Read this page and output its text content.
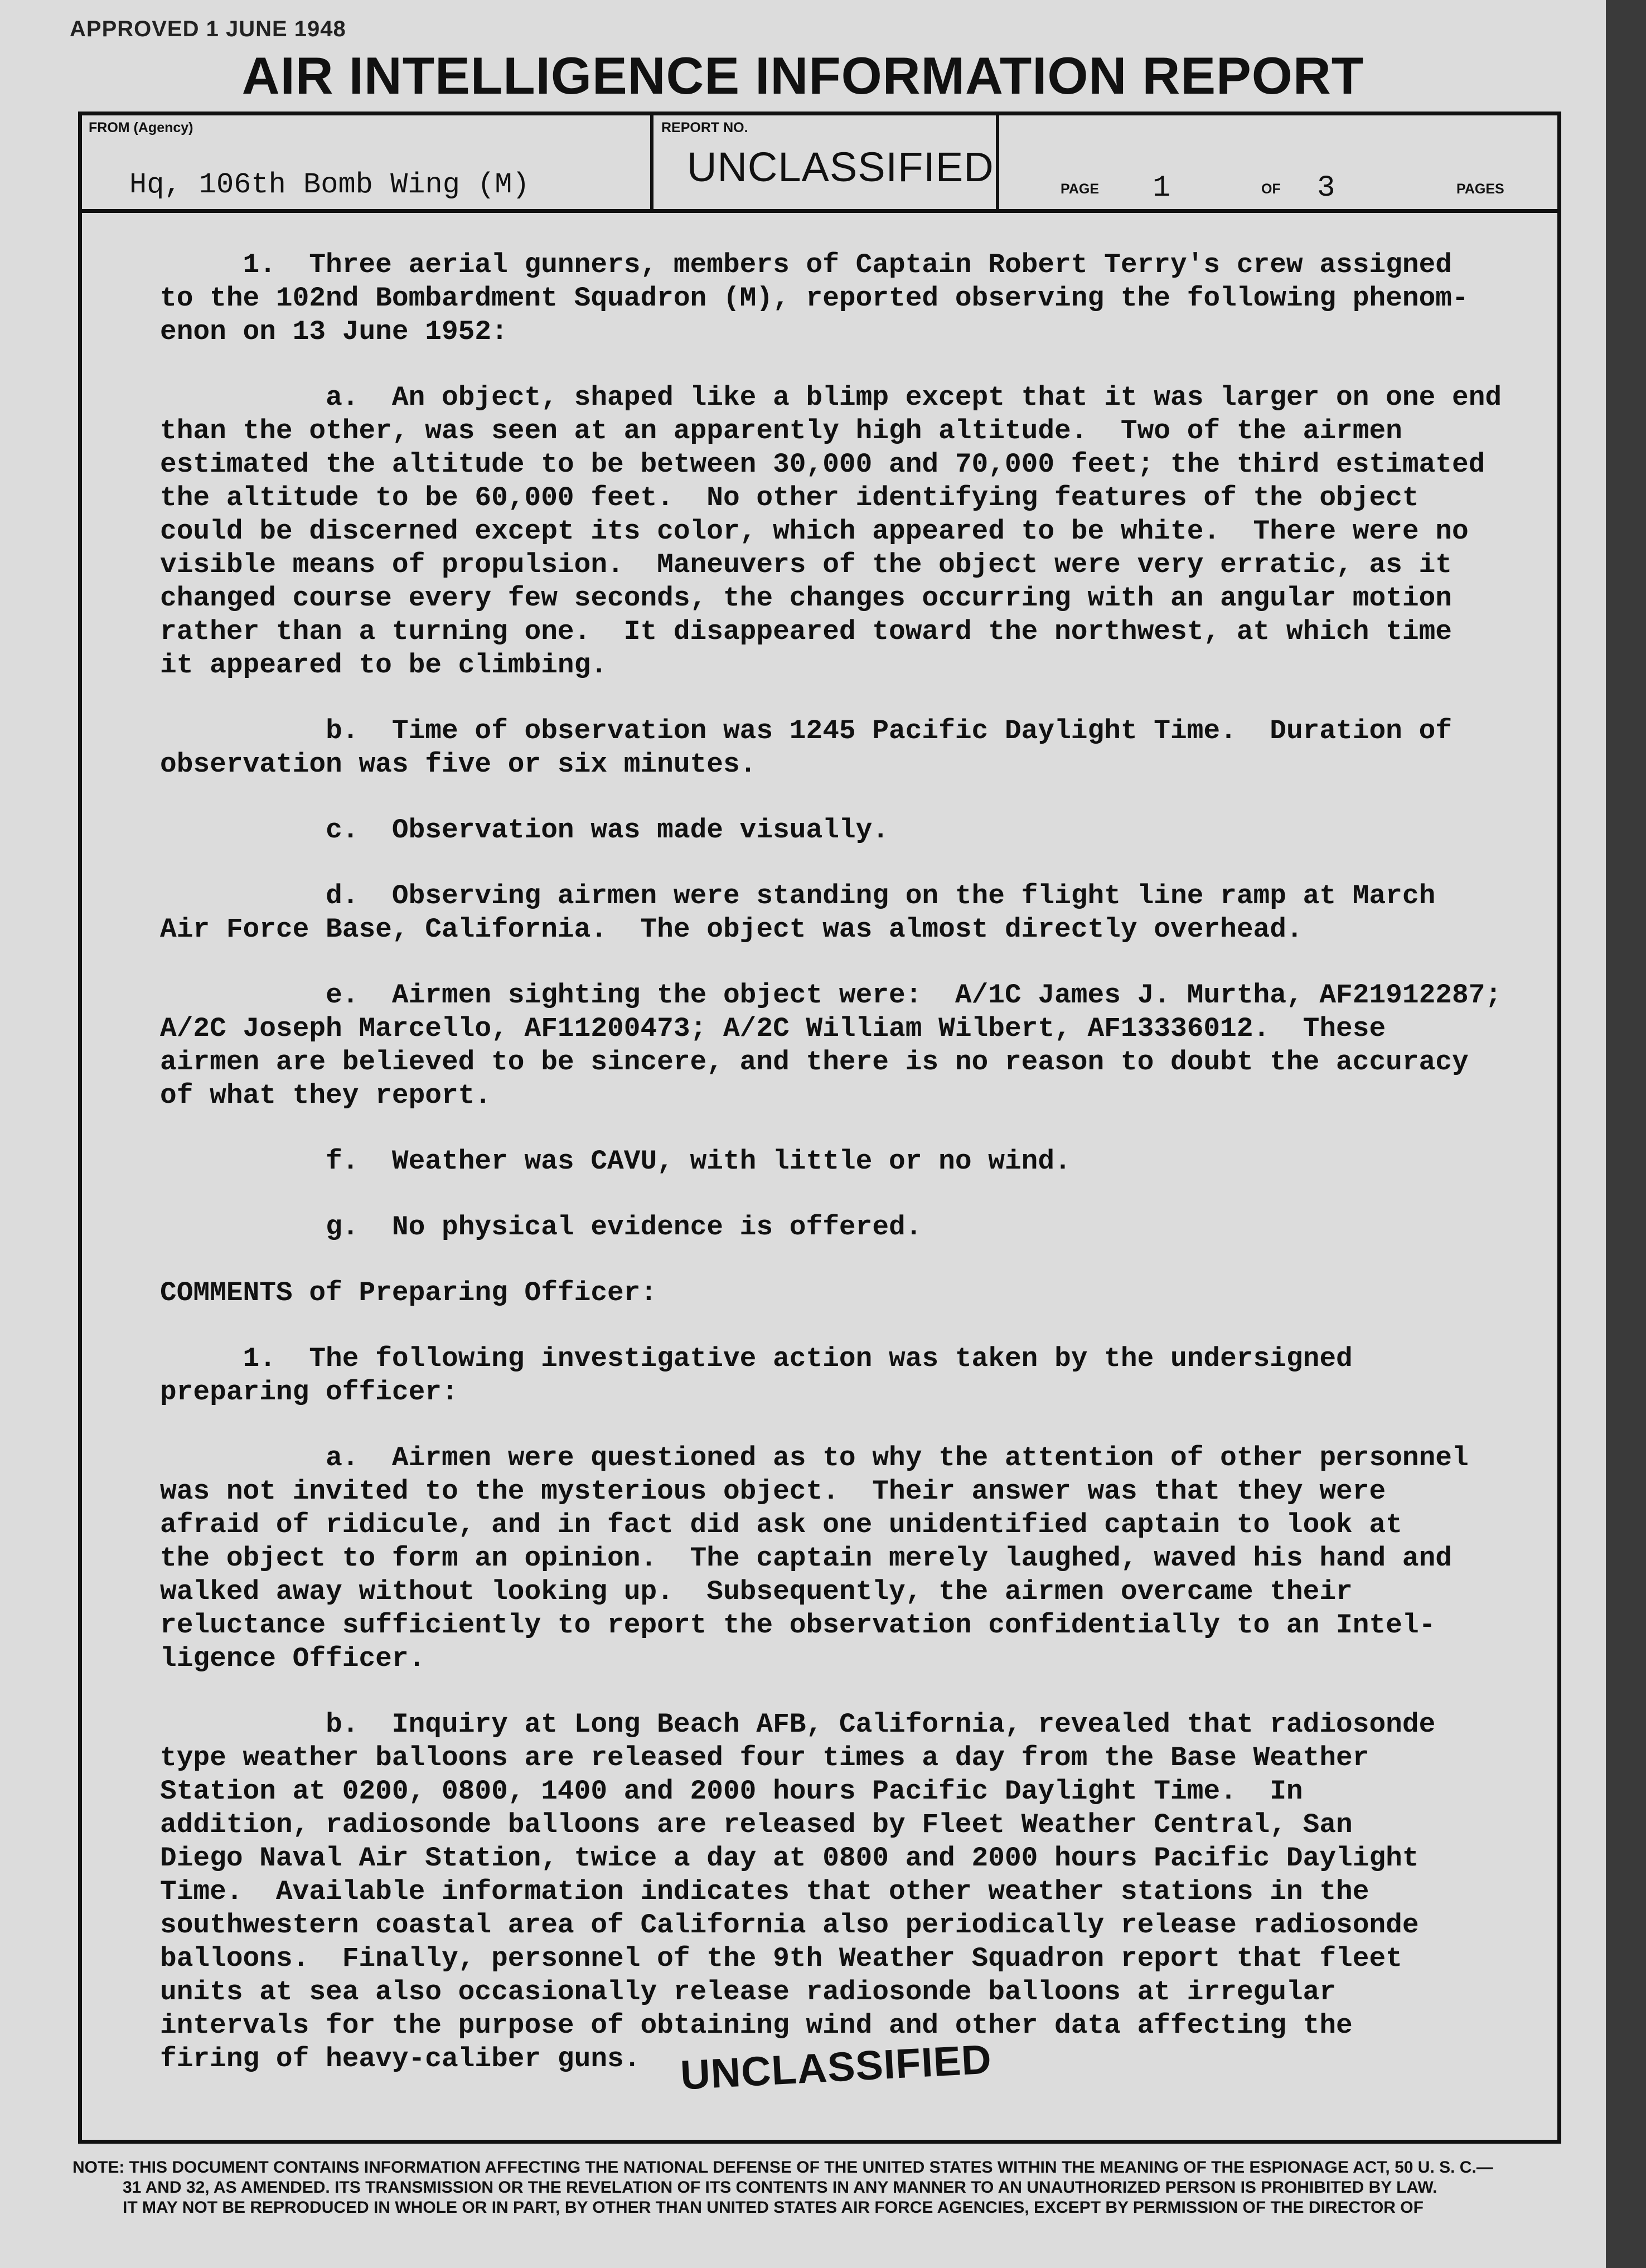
APPROVED 1 JUNE 1948
AIR INTELLIGENCE INFORMATION REPORT
FROM (Agency)
Hq, 106th Bomb Wing (M)
REPORT NO.
UNCLASSIFIED	PAGE 1	OF 3	PAGES

1.  Three aerial gunners, members of Captain Robert Terry's crew assigned

to the 102nd Bombardment Squadron (M), reported observing the following phenom-

enon on 13 June 1952:

a.  An object, shaped like a blimp except that it was larger on one end

than the other, was seen at an apparently high altitude.  Two of the airmen

estimated the altitude to be between 30,000 and 70,000 feet; the third estimated

the altitude to be 60,000 feet.  No other identifying features of the object

could be discerned except its color, which appeared to be white.  There were no

visible means of propulsion.  Maneuvers of the object were very erratic, as it

changed course every few seconds, the changes occurring with an angular motion

rather than a turning one.  It disappeared toward the northwest, at which time

it appeared to be climbing.

b.  Time of observation was 1245 Pacific Daylight Time.  Duration of

observation was five or six minutes.

c.  Observation was made visually.

d.  Observing airmen were standing on the flight line ramp at March

Air Force Base, California.  The object was almost directly overhead.

e.  Airmen sighting the object were:  A/1C James J. Murtha, AF21912287;

A/2C Joseph Marcello, AF11200473; A/2C William Wilbert, AF13336012.  These

airmen are believed to be sincere, and there is no reason to doubt the accuracy

of what they report.

f.  Weather was CAVU, with little or no wind.

g.  No physical evidence is offered.

COMMENTS of Preparing Officer:

1.  The following investigative action was taken by the undersigned

preparing officer:

a.  Airmen were questioned as to why the attention of other personnel

was not invited to the mysterious object.  Their answer was that they were

afraid of ridicule, and in fact did ask one unidentified captain to look at

the object to form an opinion.  The captain merely laughed, waved his hand and

walked away without looking up.  Subsequently, the airmen overcame their

reluctance sufficiently to report the observation confidentially to an Intel-

ligence Officer.

b.  Inquiry at Long Beach AFB, California, revealed that radiosonde

type weather balloons are released four times a day from the Base Weather

Station at 0200, 0800, 1400 and 2000 hours Pacific Daylight Time.  In

addition, radiosonde balloons are released by Fleet Weather Central, San

Diego Naval Air Station, twice a day at 0800 and 2000 hours Pacific Daylight

Time.  Available information indicates that other weather stations in the

southwestern coastal area of California also periodically release radiosonde

balloons.  Finally, personnel of the 9th Weather Squadron report that fleet

units at sea also occasionally release radiosonde balloons at irregular

intervals for the purpose of obtaining wind and other data affecting the

firing of heavy-caliber guns. UNCLASSIFIED

NOTE: THIS DOCUMENT CONTAINS INFORMATION AFFECTING THE NATIONAL DEFENSE OF THE UNITED STATES WITHIN THE MEANING OF THE ESPIONAGE ACT, 50 U. S. C.—

31 AND 32, AS AMENDED. ITS TRANSMISSION OR THE REVELATION OF ITS CONTENTS IN ANY MANNER TO AN UNAUTHORIZED PERSON IS PROHIBITED BY LAW.

IT MAY NOT BE REPRODUCED IN WHOLE OR IN PART, BY OTHER THAN UNITED STATES AIR FORCE AGENCIES, EXCEPT BY PERMISSION OF THE DIRECTOR OF
